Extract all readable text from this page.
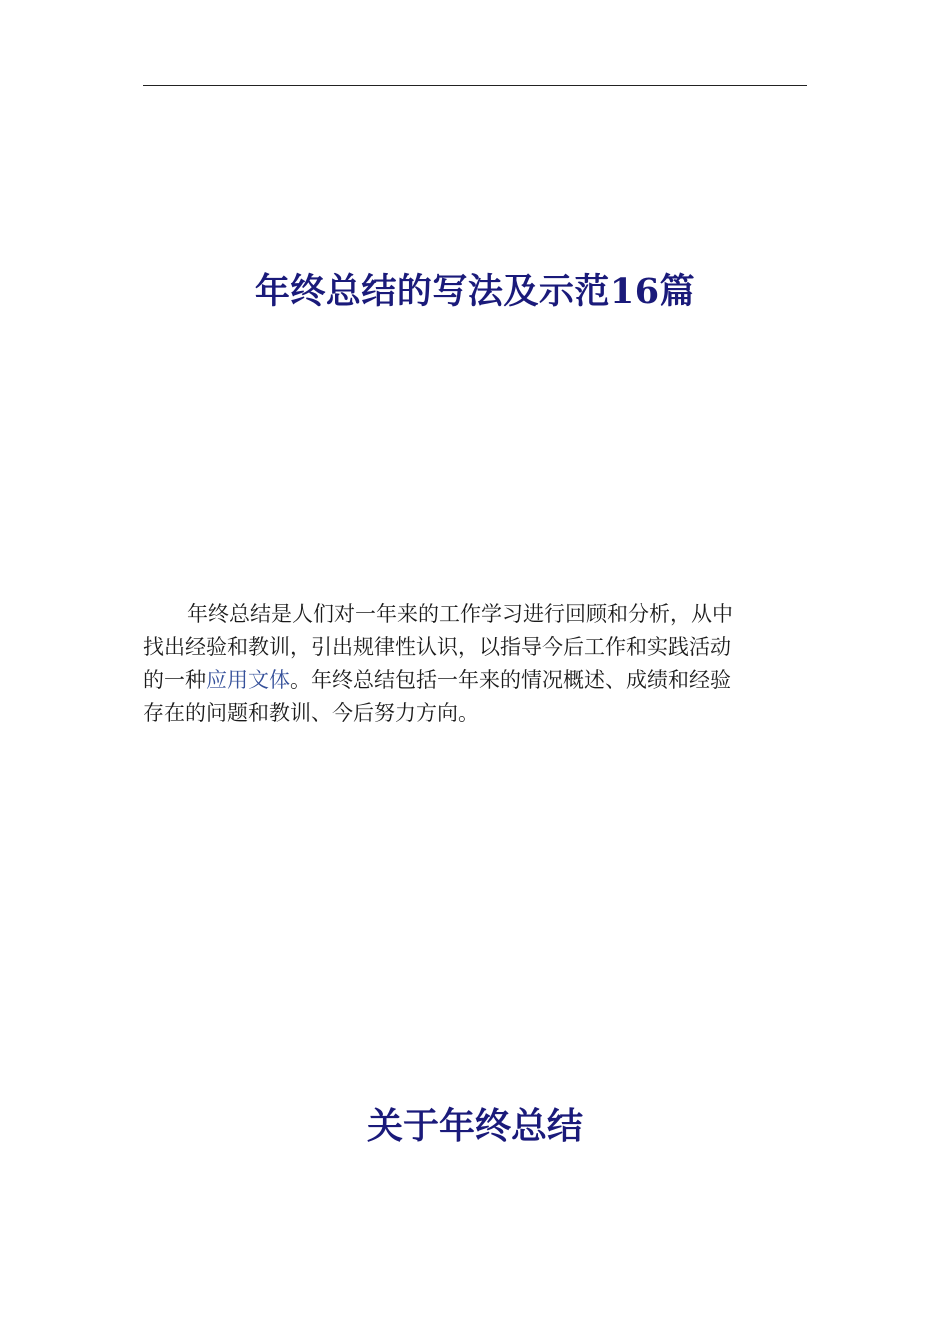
年终总结的写法及示范16篇
年终总结是人们对一年来的工作学习进行回顾和分析，从中
找出经验和教训，引出规律性认识，以指导今后工作和实践活动
的一种应用文体。年终总结包括一年来的情况概述、成绩和经验
存在的问题和教训、今后努力方向。
关于年终总结
